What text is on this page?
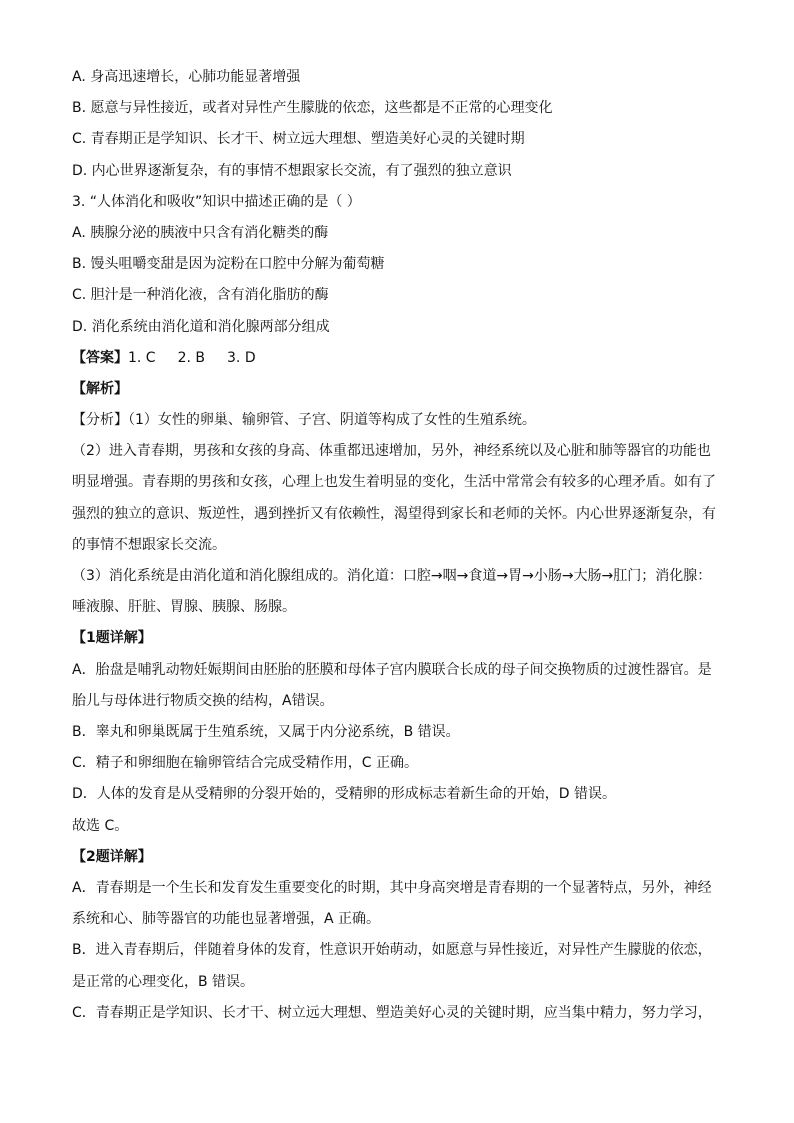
A. 身高迅速增长，心肺功能显著增强
B. 愿意与异性接近，或者对异性产生朦胧的依恋，这些都是不正常的心理变化
C. 青春期正是学知识、长才干、树立远大理想、塑造美好心灵的关键时期
D. 内心世界逐渐复杂，有的事情不想跟家长交流，有了强烈的独立意识
3. “人体消化和吸收”知识中描述正确的是（ ）
A. 胰腺分泌的胰液中只含有消化糖类的酶
B. 馒头咀嚼变甜是因为淀粉在口腔中分解为葡萄糖
C. 胆汁是一种消化液，含有消化脂肪的酶
D. 消化系统由消化道和消化腺两部分组成
【答案】1. C 2. B 3. D
【解析】
【分析】（1）女性的卵巢、输卵管、子宫、阴道等构成了女性的生殖系统。
（2）进入青春期，男孩和女孩的身高、体重都迅速增加，另外，神经系统以及心脏和肺等器官的功能也明显增强。青春期的男孩和女孩，心理上也发生着明显的变化，生活中常常会有较多的心理矛盾。如有了强烈的独立的意识、叛逆性，遇到挫折又有依赖性，渴望得到家长和老师的关怀。内心世界逐渐复杂，有的事情不想跟家长交流。
（3）消化系统是由消化道和消化腺组成的。消化道：口腔→咽→食道→胃→小肠→大肠→肛门；消化腺：唾液腺、肝脏、胃腺、胰腺、肠腺。
【1题详解】
A．胎盘是哺乳动物妊娠期间由胚胎的胚膜和母体子宫内膜联合长成的母子间交换物质的过渡性器官。是胎儿与母体进行物质交换的结构，A错误。
B．睾丸和卵巢既属于生殖系统，又属于内分泌系统，B 错误。
C．精子和卵细胞在输卵管结合完成受精作用，C 正确。
D．人体的发育是从受精卵的分裂开始的，受精卵的形成标志着新生命的开始，D 错误。
故选 C。
【2题详解】
A．青春期是一个生长和发育发生重要变化的时期，其中身高突增是青春期的一个显著特点，另外，神经系统和心、肺等器官的功能也显著增强，A 正确。
B．进入青春期后，伴随着身体的发育，性意识开始萌动，如愿意与异性接近，对异性产生朦胧的依恋，是正常的心理变化，B 错误。
C．青春期正是学知识、长才干、树立远大理想、塑造美好心灵的关键时期，应当集中精力，努力学习，
